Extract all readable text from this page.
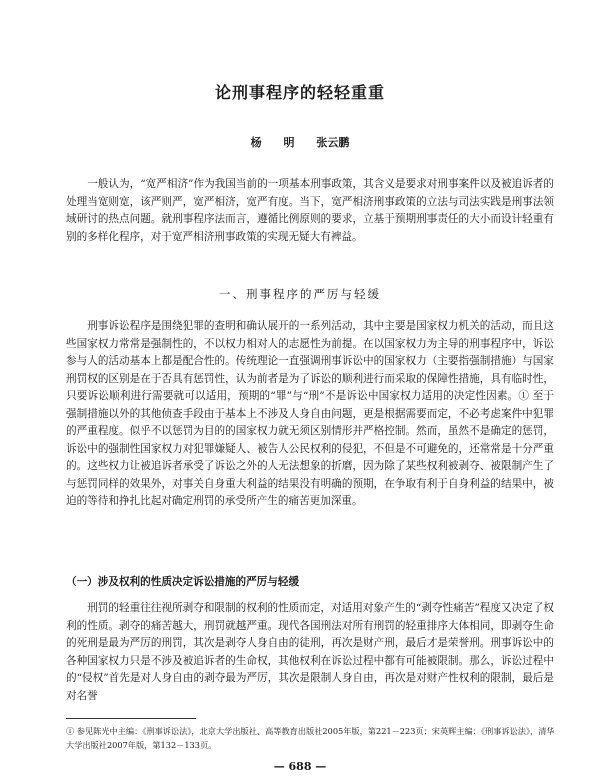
论刑事程序的轻轻重重
杨 明 张云鹏

一般认为，“宽严相济”作为我国当前的一项基本刑事政策，其含义是要求对刑事案件以及被追诉者的处理当宽则宽，该严则严，宽严相济，宽严有度。当下，宽严相济刑事政策的立法与司法实践是刑事法领域研讨的热点问题。就刑事程序法而言，遵循比例原则的要求，立基于预期刑事责任的大小而设计轻重有别的多样化程序，对于宽严相济刑事政策的实现无疑大有裨益。

一、刑事程序的严厉与轻缓

刑事诉讼程序是围绕犯罪的查明和确认展开的一系列活动，其中主要是国家权力机关的活动，而且这些国家权力常常是强制性的，不以权力相对人的志愿性为前提。在以国家权力为主导的刑事程序中，诉讼参与人的活动基本上都是配合性的。传统理论一直强调刑事诉讼中的国家权力（主要指强制措施）与国家刑罚权的区别是在于否具有惩罚性，认为前者是为了诉讼的顺利进行而采取的保障性措施，具有临时性，只要诉讼顺利进行需要就可以适用，预期的“罪”与“刑”不是诉讼中国家权力适用的决定性因素。① 至于强制措施以外的其他侦查手段由于基本上不涉及人身自由问题，更是根据需要而定，不必考虑案件中犯罪的严重程度。似乎不以惩罚为目的的国家权力就无须区别情形并严格控制。然而，虽然不是确定的惩罚，诉讼中的强制性国家权力对犯罪嫌疑人、被告人公民权利的侵犯，不但是不可避免的，还常常是十分严重的。这些权力让被追诉者承受了诉讼之外的人无法想象的折磨，因为除了某些权利被剥夺、被限制产生了与惩罚同样的效果外，对事关自身重大利益的结果没有明确的预期，在争取有利于自身利益的结果中，被迫的等待和挣扎比起对确定刑罚的承受所产生的痛苦更加深重。

（一）涉及权利的性质决定诉讼措施的严厉与轻缓

刑罚的轻重往往视所剥夺和限制的权利的性质而定，对适用对象产生的“剥夺性痛苦”程度又决定了权利的性质。剥夺的痛苦越大，刑罚就越严重。现代各国刑法对所有刑罚的轻重排序大体相同，即剥夺生命的死刑是最为严厉的刑罚，其次是剥夺人身自由的徒刑，再次是财产刑，最后才是荣誉刑。刑事诉讼中的各种国家权力只是不涉及被追诉者的生命权，其他权利在诉讼过程中都有可能被限制。那么，诉讼过程中的“侵权”首先是对人身自由的剥夺最为严厉，其次是限制人身自由，再次是对财产性权利的限制，最后是对名誉

① 参见陈光中主编：《刑事诉讼法》，北京大学出版社、高等教育出版社2005年版，第221－223页；宋英辉主编：《刑事诉讼法》，清华大学出版社2007年版，第132－133页。

— 688 —
